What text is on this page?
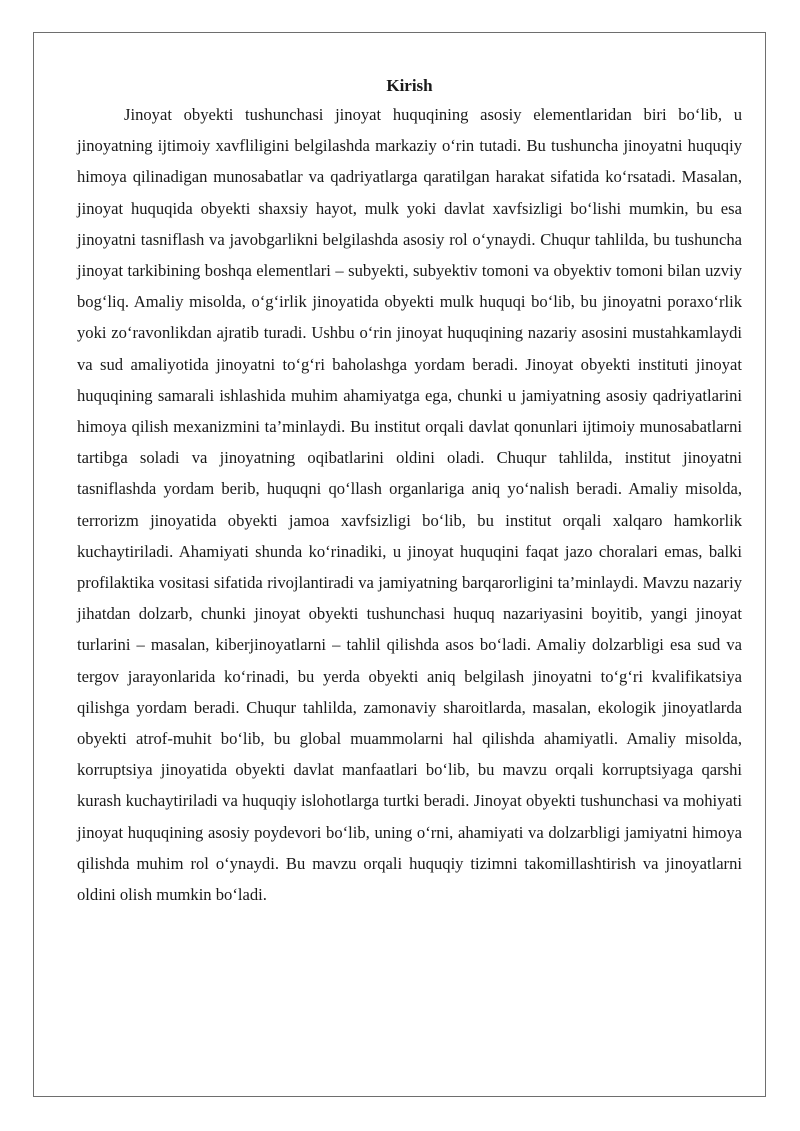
Kirish

Jinoyat obyekti tushunchasi jinoyat huquqining asosiy elementlaridan biri bo‘lib, u jinoyatning ijtimoiy xavfliligini belgilashda markaziy o‘rin tutadi. Bu tushuncha jinoyatni huquqiy himoya qilinadigan munosabatlar va qadriyatlarga qaratilgan harakat sifatida ko‘rsatadi. Masalan, jinoyat huquqida obyekti shaxsiy hayot, mulk yoki davlat xavfsizligi bo‘lishi mumkin, bu esa jinoyatni tasniflash va javobgarlikni belgilashda asosiy rol o‘ynaydi. Chuqur tahlilda, bu tushuncha jinoyat tarkibining boshqa elementlari – subyekti, subyektiv tomoni va obyektiv tomoni bilan uzviy bog‘liq. Amaliy misolda, o‘g‘irlik jinoyatida obyekti mulk huquqi bo‘lib, bu jinoyatni poraxo‘rlik yoki zo‘ravonlikdan ajratib turadi. Ushbu o‘rin jinoyat huquqining nazariy asosini mustahkamlaydi va sud amaliyotida jinoyatni to‘g‘ri baholashga yordam beradi. Jinoyat obyekti instituti jinoyat huquqining samarali ishlashida muhim ahamiyatga ega, chunki u jamiyatning asosiy qadriyatlarini himoya qilish mexanizmini ta’minlaydi. Bu institut orqali davlat qonunlari ijtimoiy munosabatlarni tartibga soladi va jinoyatning oqibatlarini oldini oladi. Chuqur tahlilda, institut jinoyatni tasniflashda yordam berib, huquqni qo‘llash organlariga aniq yo‘nalish beradi. Amaliy misolda, terrorizm jinoyatida obyekti jamoa xavfsizligi bo‘lib, bu institut orqali xalqaro hamkorlik kuchaytiriladi. Ahamiyati shunda ko‘rinadiki, u jinoyat huquqini faqat jazo choralari emas, balki profilaktika vositasi sifatida rivojlantiradi va jamiyatning barqarorligini ta’minlaydi. Mavzu nazariy jihatdan dolzarb, chunki jinoyat obyekti tushunchasi huquq nazariyasini boyitib, yangi jinoyat turlarini – masalan, kiberjinoyatlarni – tahlil qilishda asos bo‘ladi. Amaliy dolzarbligi esa sud va tergov jarayonlarida ko‘rinadi, bu yerda obyekti aniq belgilash jinoyatni to‘g‘ri kvalifikatsiya qilishga yordam beradi. Chuqur tahlilda, zamonaviy sharoitlarda, masalan, ekologik jinoyatlarda obyekti atrof-muhit bo‘lib, bu global muammolarni hal qilishda ahamiyatli. Amaliy misolda, korruptsiya jinoyatida obyekti davlat manfaatlari bo‘lib, bu mavzu orqali korruptsiyaga qarshi kurash kuchaytiriladi va huquqiy islohotlarga turtki beradi. Jinoyat obyekti tushunchasi va mohiyati jinoyat huquqining asosiy poydevori bo‘lib, uning o‘rni, ahamiyati va dolzarbligi jamiyatni himoya qilishda muhim rol o‘ynaydi. Bu mavzu orqali huquqiy tizimni takomillashtirish va jinoyatlarni oldini olish mumkin bo‘ladi.
